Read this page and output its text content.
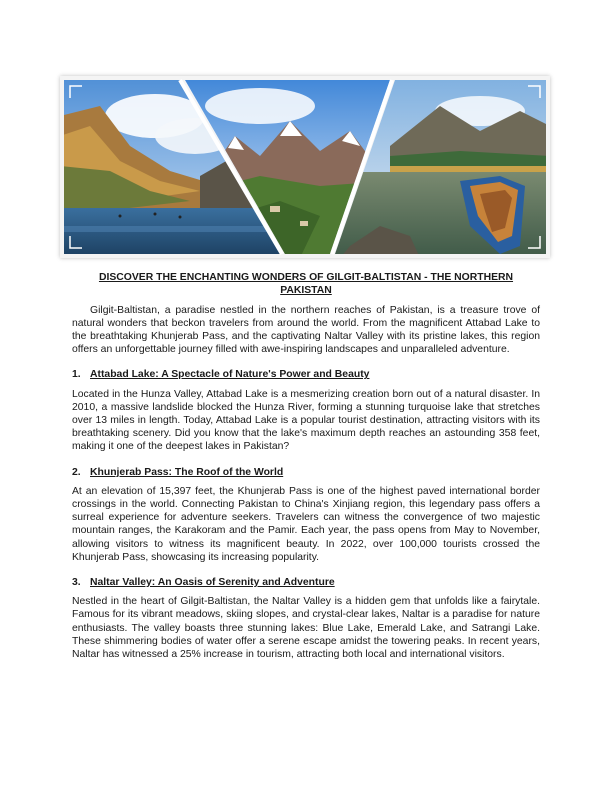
DISCOVER THE ENCHANTING WONDERS OF GILGIT-BALTISTAN - THE NORTHERN PAKISTAN

Gilgit-Baltistan, a paradise nestled in the northern reaches of Pakistan, is a treasure trove of natural wonders that beckon travelers from around the world. From the magnificent Attabad Lake to the breathtaking Khunjerab Pass, and the captivating Naltar Valley with its pristine lakes, this region offers an unforgettable journey filled with awe-inspiring landscapes and unparalleled adventure.

1. Attabad Lake: A Spectacle of Nature's Power and Beauty

Located in the Hunza Valley, Attabad Lake is a mesmerizing creation born out of a natural disaster. In 2010, a massive landslide blocked the Hunza River, forming a stunning turquoise lake that stretches over 13 miles in length. Today, Attabad Lake is a popular tourist destination, attracting visitors with its breathtaking scenery. Did you know that the lake's maximum depth reaches an astounding 358 feet, making it one of the deepest lakes in Pakistan?

2. Khunjerab Pass: The Roof of the World

At an elevation of 15,397 feet, the Khunjerab Pass is one of the highest paved international border crossings in the world. Connecting Pakistan to China's Xinjiang region, this legendary pass offers a surreal experience for adventure seekers. Travelers can witness the convergence of two majestic mountain ranges, the Karakoram and the Pamir. Each year, the pass opens from May to November, allowing visitors to witness its magnificent beauty. In 2022, over 100,000 tourists crossed the Khunjerab Pass, showcasing its increasing popularity.

3. Naltar Valley: An Oasis of Serenity and Adventure

Nestled in the heart of Gilgit-Baltistan, the Naltar Valley is a hidden gem that unfolds like a fairytale. Famous for its vibrant meadows, skiing slopes, and crystal-clear lakes, Naltar is a paradise for nature enthusiasts. The valley boasts three stunning lakes: Blue Lake, Emerald Lake, and Satrangi Lake. These shimmering bodies of water offer a serene escape amidst the towering peaks. In recent years, Naltar has witnessed a 25% increase in tourism, attracting both local and international visitors.
